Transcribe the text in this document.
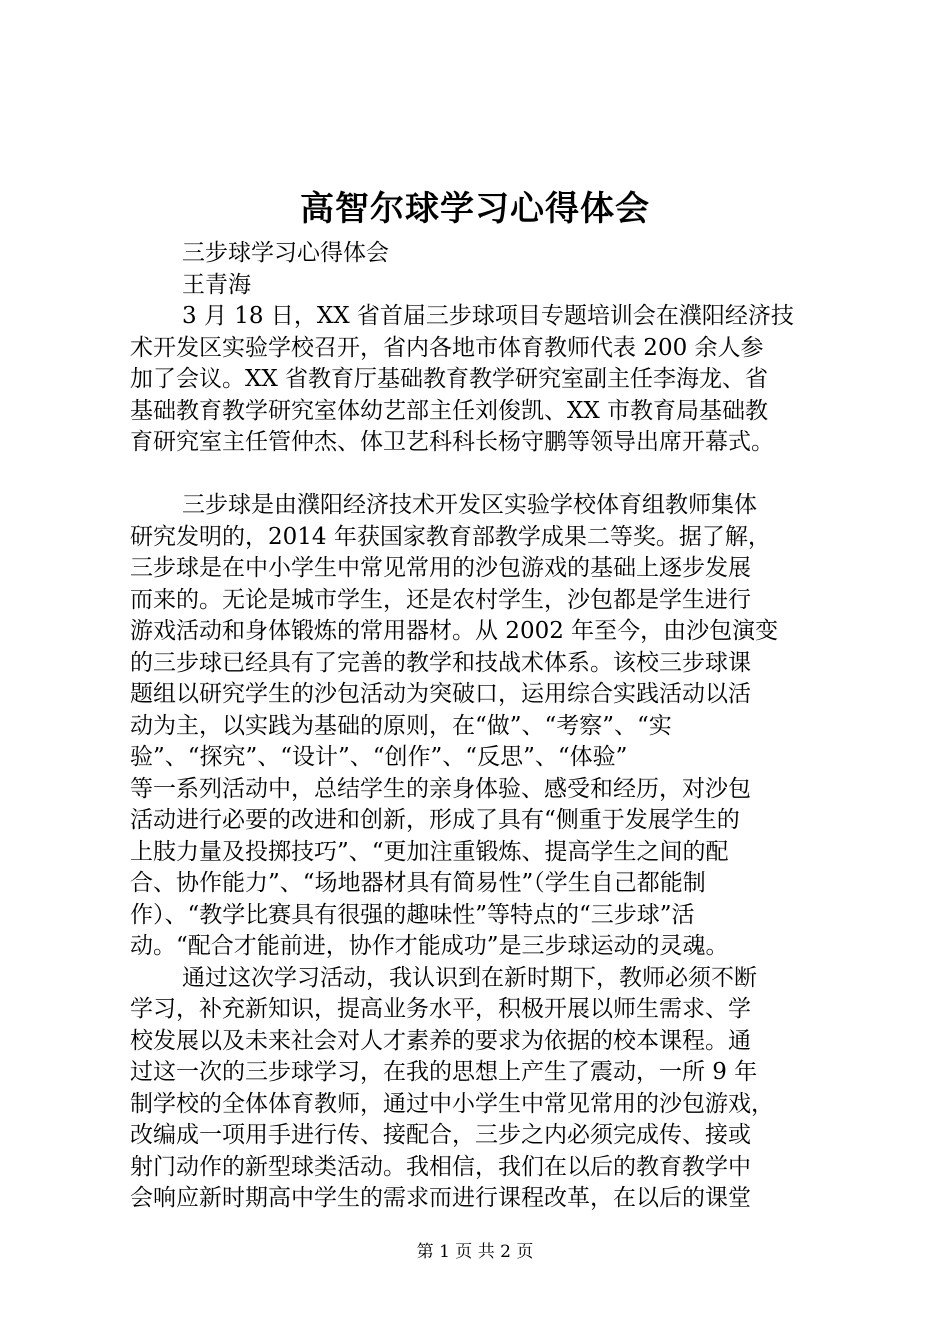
高智尔球学习心得体会
三步球学习心得体会
王青海
3 月 18 日，XX 省首届三步球项目专题培训会在濮阳经济技
术开发区实验学校召开，省内各地市体育教师代表 200 余人参
加了会议。XX 省教育厅基础教育教学研究室副主任李海龙、省
基础教育教学研究室体幼艺部主任刘俊凯、XX 市教育局基础教
育研究室主任管仲杰、体卫艺科科长杨守鹏等领导出席开幕式。
三步球是由濮阳经济技术开发区实验学校体育组教师集体
研究发明的，2014 年获国家教育部教学成果二等奖。据了解，
三步球是在中小学生中常见常用的沙包游戏的基础上逐步发展
而来的。无论是城市学生，还是农村学生，沙包都是学生进行
游戏活动和身体锻炼的常用器材。从 2002 年至今，由沙包演变
的三步球已经具有了完善的教学和技战术体系。该校三步球课
题组以研究学生的沙包活动为突破口，运用综合实践活动以活
动为主，以实践为基础的原则，在“做”、“考察”、“实
验”、“探究”、“设计”、“创作”、“反思”、“体验”
等一系列活动中，总结学生的亲身体验、感受和经历，对沙包
活动进行必要的改进和创新，形成了具有“侧重于发展学生的
上肢力量及投掷技巧”、“更加注重锻炼、提高学生之间的配
合、协作能力”、“场地器材具有简易性”（学生自己都能制
作）、“教学比赛具有很强的趣味性”等特点的“三步球”活
动。“配合才能前进，协作才能成功”是三步球运动的灵魂。
通过这次学习活动，我认识到在新时期下，教师必须不断
学习，补充新知识，提高业务水平，积极开展以师生需求、学
校发展以及未来社会对人才素养的要求为依据的校本课程。通
过这一次的三步球学习，在我的思想上产生了震动，一所 9 年
制学校的全体体育教师，通过中小学生中常见常用的沙包游戏，
改编成一项用手进行传、接配合，三步之内必须完成传、接或
射门动作的新型球类活动。我相信，我们在以后的教育教学中
会响应新时期高中学生的需求而进行课程改革，在以后的课堂
第 1 页 共 2 页
